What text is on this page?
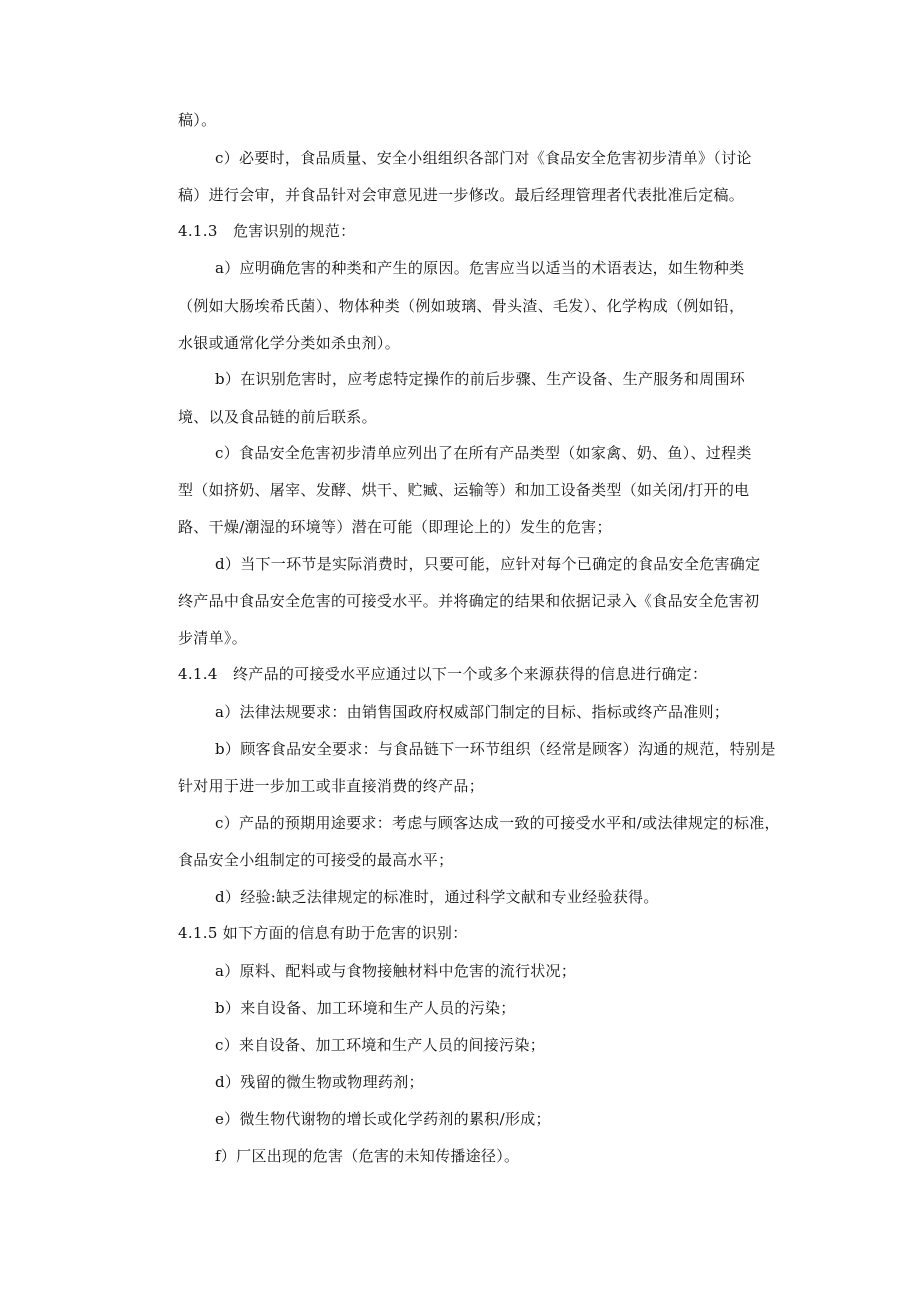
稿）。
c）必要时，食品质量、安全小组组织各部门对《食品安全危害初步清单》（讨论
稿）进行会审，并食品针对会审意见进一步修改。最后经理管理者代表批准后定稿。
4.1.3　危害识别的规范：
a）应明确危害的种类和产生的原因。危害应当以适当的术语表达，如生物种类
（例如大肠埃希氏菌）、物体种类（例如玻璃、骨头渣、毛发）、化学构成（例如铅，
水银或通常化学分类如杀虫剂）。
b）在识别危害时，应考虑特定操作的前后步骤、生产设备、生产服务和周围环
境、以及食品链的前后联系。
c）食品安全危害初步清单应列出了在所有产品类型（如家禽、奶、鱼）、过程类
型（如挤奶、屠宰、发酵、烘干、贮臧、运输等）和加工设备类型（如关闭/打开的电
路、干燥/潮湿的环境等）潜在可能（即理论上的）发生的危害；
d）当下一环节是实际消费时，只要可能，应针对每个已确定的食品安全危害确定
终产品中食品安全危害的可接受水平。并将确定的结果和依据记录入《食品安全危害初
步清单》。
4.1.4　终产品的可接受水平应通过以下一个或多个来源获得的信息进行确定：
a）法律法规要求：由销售国政府权威部门制定的目标、指标或终产品准则；
b）顾客食品安全要求：与食品链下一环节组织（经常是顾客）沟通的规范，特别是
针对用于进一步加工或非直接消费的终产品；
c）产品的预期用途要求：考虑与顾客达成一致的可接受水平和/或法律规定的标准，
食品安全小组制定的可接受的最高水平；
d）经验:缺乏法律规定的标准时，通过科学文献和专业经验获得。
4.1.5 如下方面的信息有助于危害的识别：
a）原料、配料或与食物接触材料中危害的流行状况；
b）来自设备、加工环境和生产人员的污染；
c）来自设备、加工环境和生产人员的间接污染；
d）残留的微生物或物理药剂；
e）微生物代谢物的增长或化学药剂的累积/形成；
f）厂区出现的危害（危害的未知传播途径）。
